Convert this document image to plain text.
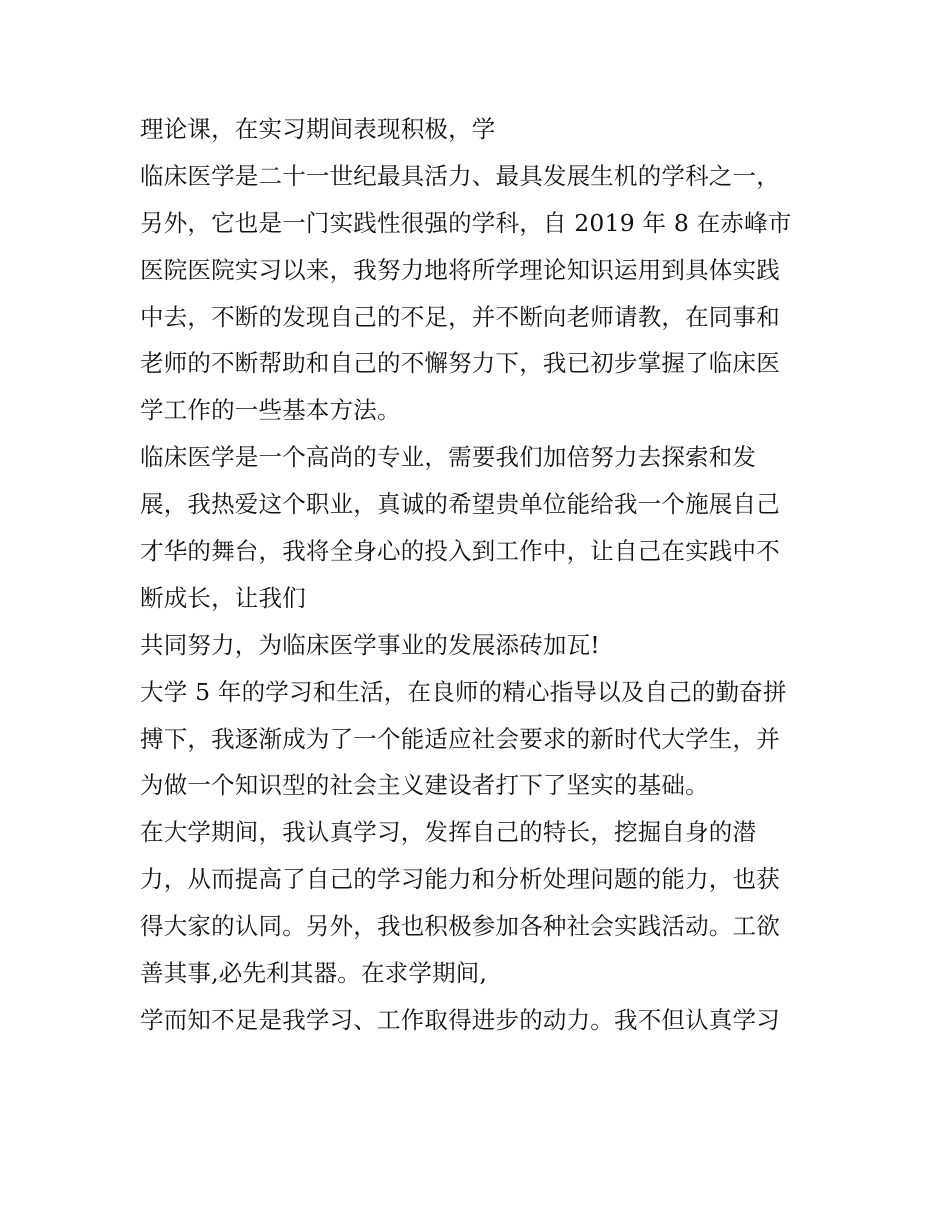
理论课，在实习期间表现积极，学
临床医学是二十一世纪最具活力、最具发展生机的学科之一，
另外，它也是一门实践性很强的学科，自 2019 年 8 在赤峰市
医院医院实习以来，我努力地将所学理论知识运用到具体实践
中去，不断的发现自己的不足，并不断向老师请教，在同事和
老师的不断帮助和自己的不懈努力下，我已初步掌握了临床医
学工作的一些基本方法。
临床医学是一个高尚的专业，需要我们加倍努力去探索和发
展，我热爱这个职业，真诚的希望贵单位能给我一个施展自己
才华的舞台，我将全身心的投入到工作中，让自己在实践中不
断成长，让我们
共同努力，为临床医学事业的发展添砖加瓦!
大学 5 年的学习和生活，在良师的精心指导以及自己的勤奋拼
搏下，我逐渐成为了一个能适应社会要求的新时代大学生，并
为做一个知识型的社会主义建设者打下了坚实的基础。
在大学期间，我认真学习，发挥自己的特长，挖掘自身的潜
力，从而提高了自己的学习能力和分析处理问题的能力，也获
得大家的认同。另外，我也积极参加各种社会实践活动。工欲
善其事,必先利其器。在求学期间,
学而知不足是我学习、工作取得进步的动力。我不但认真学习
